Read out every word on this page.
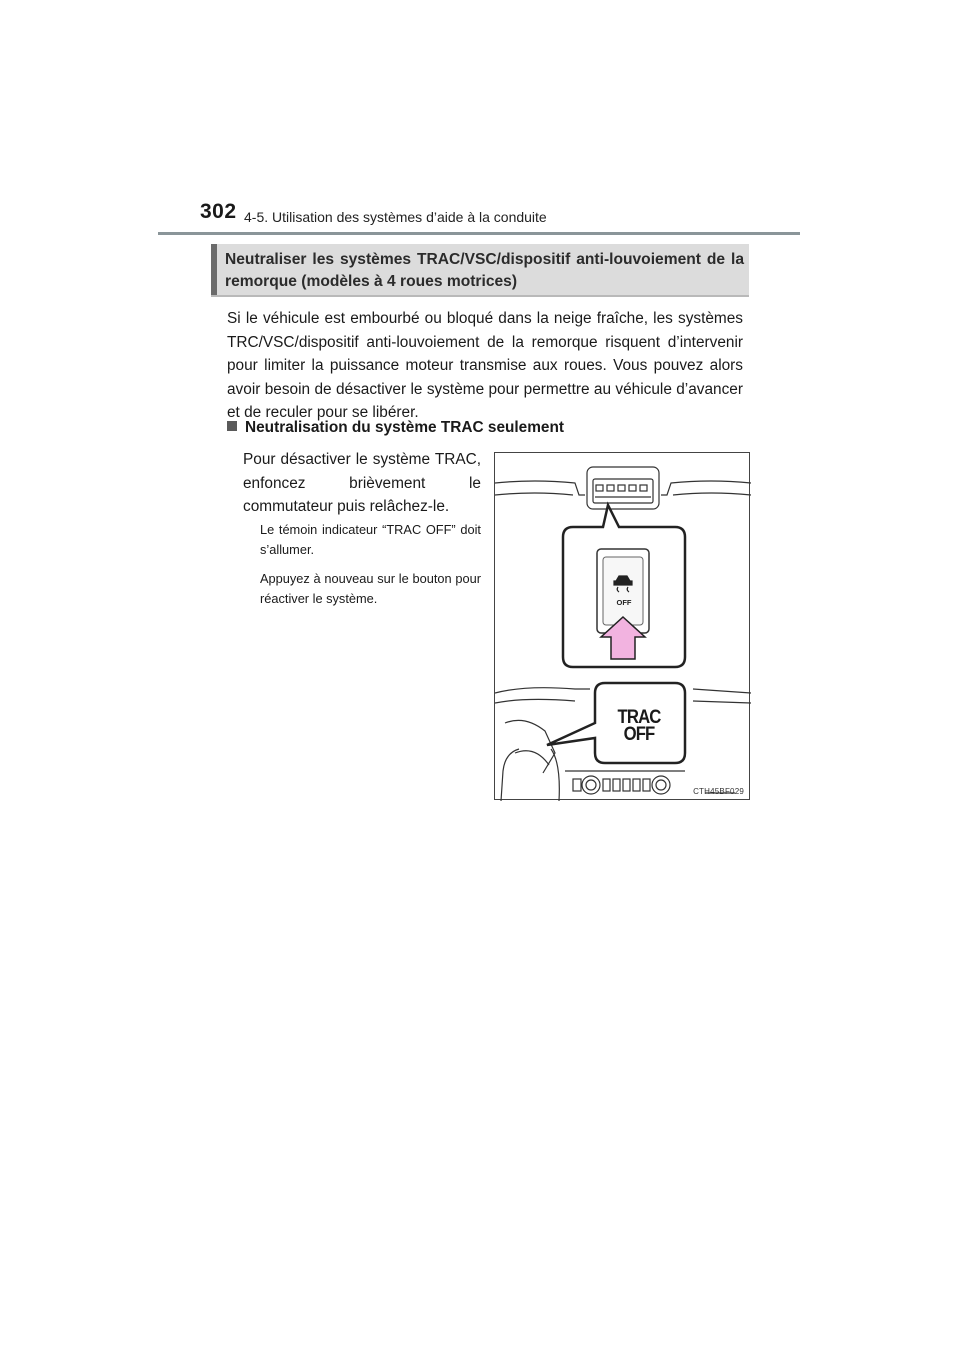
302 4-5. Utilisation des systèmes d’aide à la conduite
Neutraliser les systèmes TRAC/VSC/dispositif anti-louvoiement de la remorque (modèles à 4 roues motrices)

Si le véhicule est embourbé ou bloqué dans la neige fraîche, les systèmes TRC/VSC/dispositif anti-louvoiement de la remorque risquent d’intervenir pour limiter la puissance moteur transmise aux roues. Vous pouvez alors avoir besoin de désactiver le système pour permettre au véhicule d’avancer et de reculer pour se libérer.

Neutralisation du système TRAC seulement

Pour désactiver le système TRAC, enfoncez brièvement le commutateur puis relâchez-le.

Le témoin indicateur “TRAC OFF” doit s’allumer.

Appuyez à nouveau sur le bouton pour réactiver le système.	OFF
TRAC
OFF
CTH45BF029
